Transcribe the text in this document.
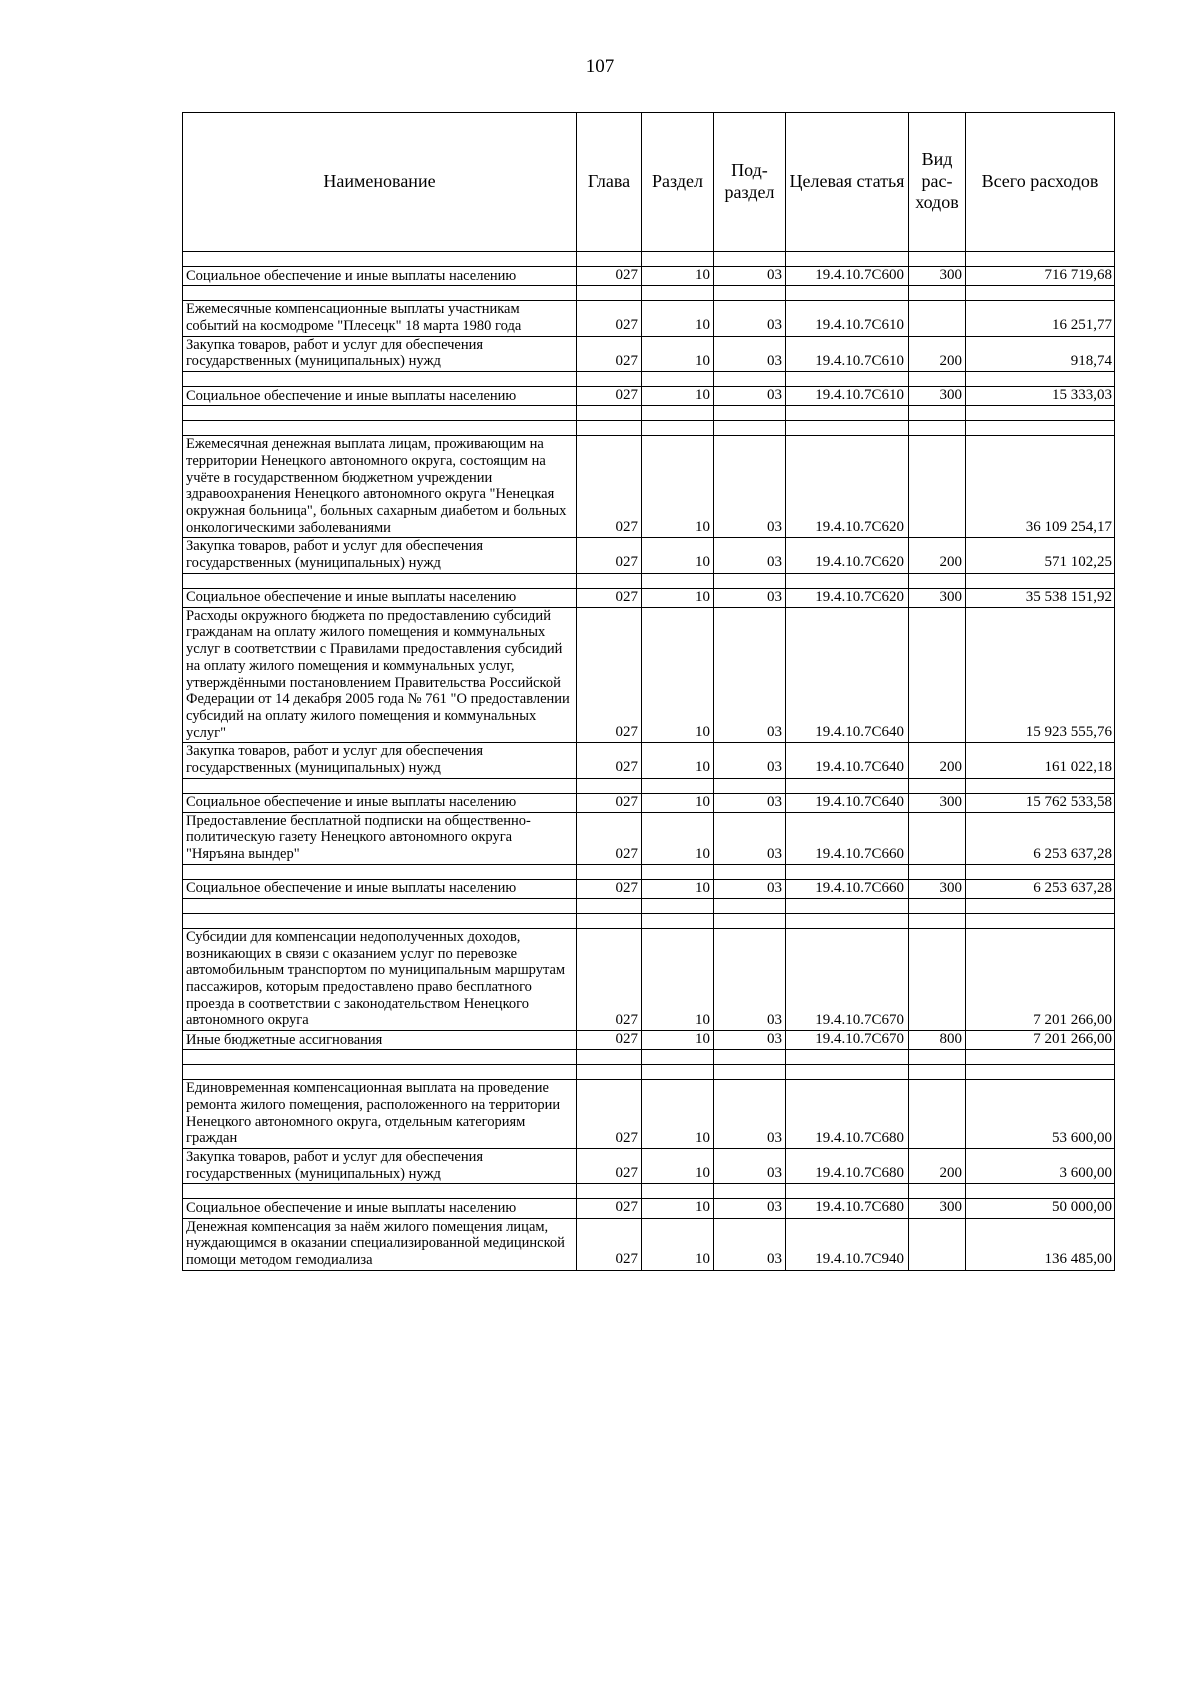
107
Наименование	Глава	Раздел	Под-раздел	Целевая статья	Вид рас-ходов	Всего расходов

Социальное обеспечение и иные выплаты населению	027	10	03	19.4.10.7С600	300	716 719,68

Ежемесячные компенсационные выплаты участникам событий на космодроме "Плесецк" 18 марта 1980 года	027	10	03	19.4.10.7С610		16 251,77
Закупка товаров, работ и услуг для обеспечения государственных (муниципальных) нужд	027	10	03	19.4.10.7С610	200	918,74

Социальное обеспечение и иные выплаты населению	027	10	03	19.4.10.7С610	300	15 333,03

Ежемесячная денежная выплата лицам, проживающим на территории Ненецкого автономного округа, состоящим на учёте в государственном бюджетном учреждении здравоохранения Ненецкого автономного округа "Ненецкая окружная больница", больных сахарным диабетом и больных онкологическими заболеваниями	027	10	03	19.4.10.7С620		36 109 254,17
Закупка товаров, работ и услуг для обеспечения государственных (муниципальных) нужд	027	10	03	19.4.10.7С620	200	571 102,25

Социальное обеспечение и иные выплаты населению	027	10	03	19.4.10.7С620	300	35 538 151,92
Расходы окружного бюджета по предоставлению субсидий гражданам на оплату жилого помещения и коммунальных услуг в соответствии с Правилами предоставления субсидий на оплату жилого помещения и коммунальных услуг, утверждёнными постановлением Правительства Российской Федерации от 14 декабря 2005 года № 761 "О предоставлении субсидий на оплату жилого помещения и коммунальных услуг"	027	10	03	19.4.10.7С640		15 923 555,76
Закупка товаров, работ и услуг для обеспечения государственных (муниципальных) нужд	027	10	03	19.4.10.7С640	200	161 022,18

Социальное обеспечение и иные выплаты населению	027	10	03	19.4.10.7С640	300	15 762 533,58
Предоставление бесплатной подписки на общественно-политическую газету Ненецкого автономного округа "Няръяна вындер"	027	10	03	19.4.10.7С660		6 253 637,28

Социальное обеспечение и иные выплаты населению	027	10	03	19.4.10.7С660	300	6 253 637,28

Субсидии для компенсации недополученных доходов, возникающих в связи с оказанием услуг по перевозке автомобильным транспортом по муниципальным маршрутам пассажиров, которым предоставлено право бесплатного проезда в соответствии с законодательством Ненецкого автономного округа	027	10	03	19.4.10.7С670		7 201 266,00
Иные бюджетные ассигнования	027	10	03	19.4.10.7С670	800	7 201 266,00

Единовременная компенсационная выплата на проведение ремонта жилого помещения, расположенного на территории Ненецкого автономного округа, отдельным категориям граждан	027	10	03	19.4.10.7С680		53 600,00
Закупка товаров, работ и услуг для обеспечения государственных (муниципальных) нужд	027	10	03	19.4.10.7С680	200	3 600,00

Социальное обеспечение и иные выплаты населению	027	10	03	19.4.10.7С680	300	50 000,00
Денежная компенсация за наём жилого помещения лицам, нуждающимся в оказании специализированной медицинской помощи методом гемодиализа	027	10	03	19.4.10.7С940		136 485,00
